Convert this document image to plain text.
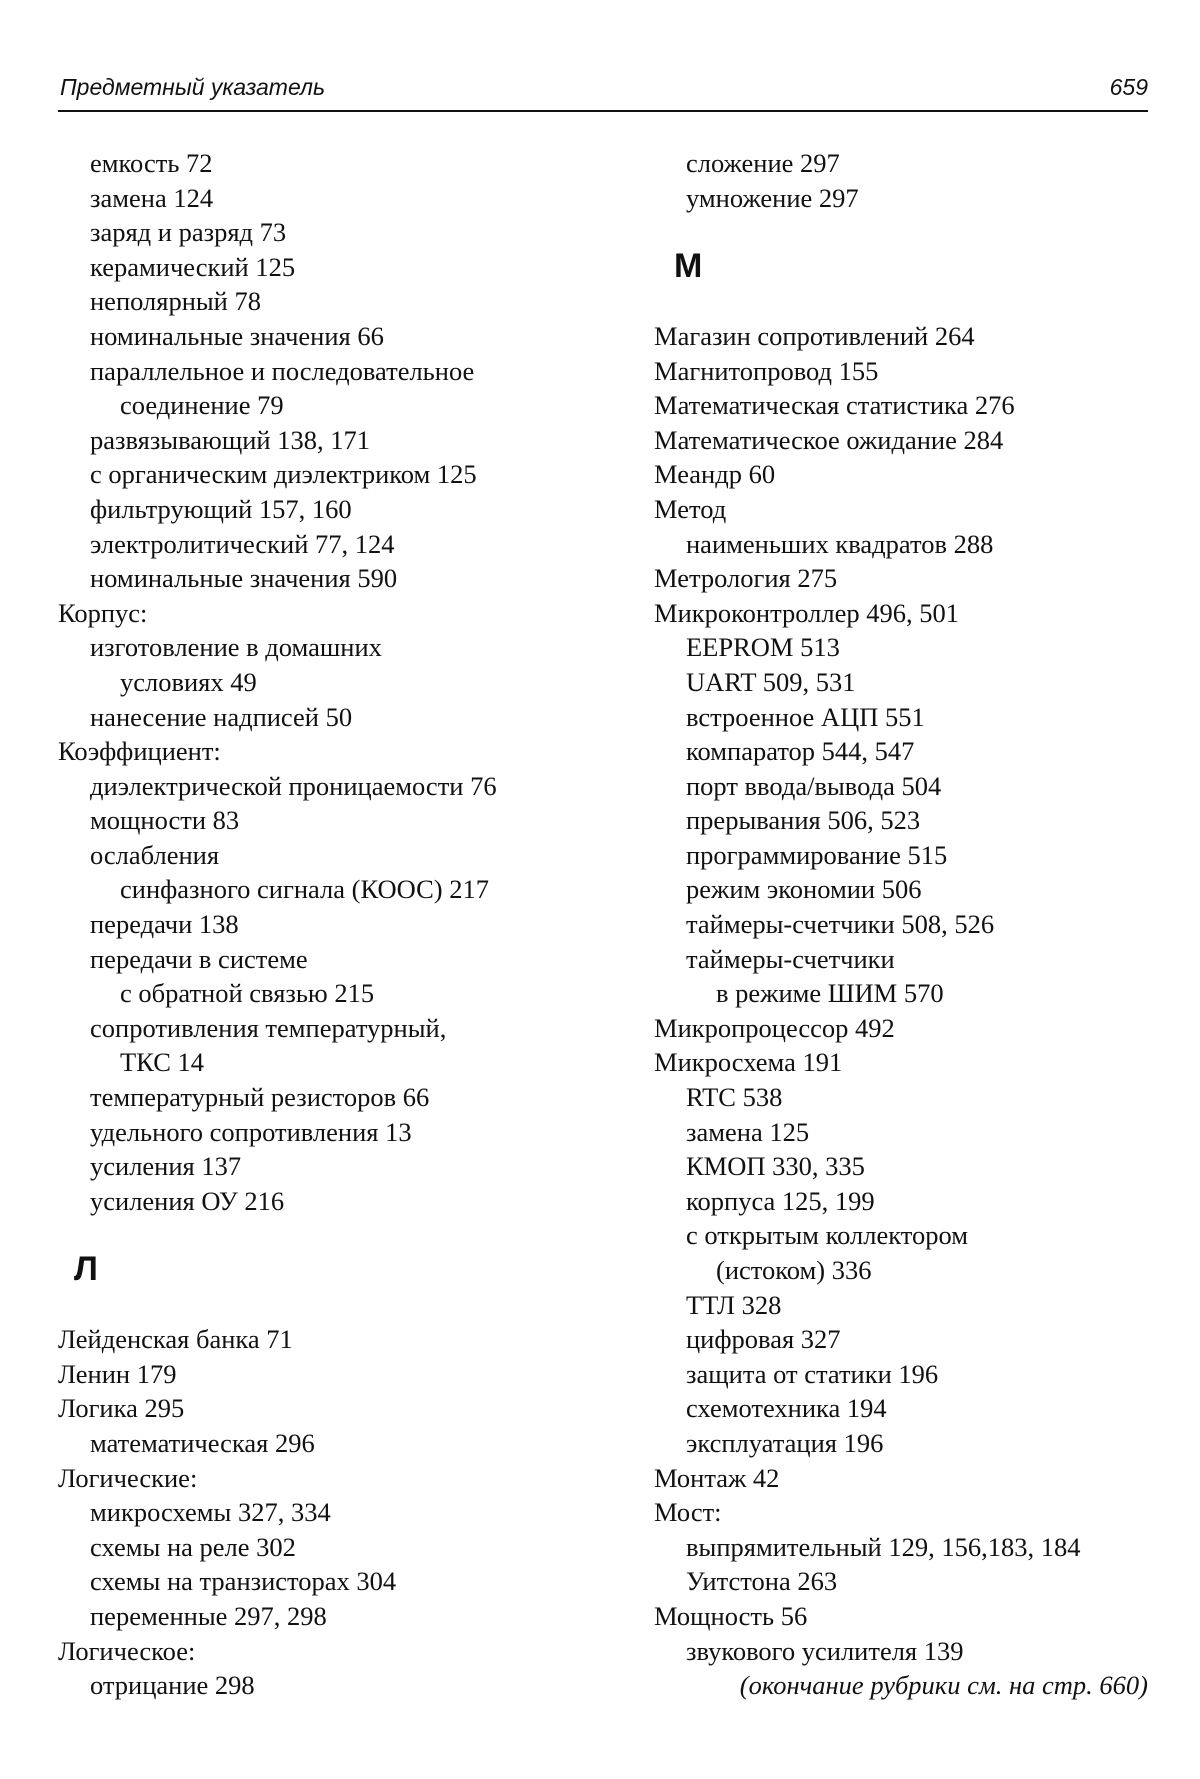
Предметный указатель	659
емкость 72
замена 124
заряд и разряд 73
керамический 125
неполярный 78
номинальные значения 66
параллельное и последовательное
соединение 79
развязывающий 138, 171
с органическим диэлектриком 125
фильтрующий 157, 160
электролитический 77, 124
номинальные значения 590
Корпус:
изготовление в домашних
условиях 49
нанесение надписей 50
Коэффициент:
диэлектрической проницаемости 76
мощности 83
ослабления
синфазного сигнала (КООС) 217
передачи 138
передачи в системе
с обратной связью 215
сопротивления температурный,
ТКС 14
температурный резисторов 66
удельного сопротивления 13
усиления 137
усиления ОУ 216
Л
Лейденская банка 71
Ленин 179
Логика 295
математическая 296
Логические:
микросхемы 327, 334
схемы на реле 302
схемы на транзисторах 304
переменные 297, 298
Логическое:
отрицание 298
сложение 297
умножение 297
М
Магазин сопротивлений 264
Магнитопровод 155
Математическая статистика 276
Математическое ожидание 284
Меандр 60
Метод
наименьших квадратов 288
Метрология 275
Микроконтроллер 496, 501
EEPROM 513
UART 509, 531
встроенное АЦП 551
компаратор 544, 547
порт ввода/вывода 504
прерывания 506, 523
программирование 515
режим экономии 506
таймеры-счетчики 508, 526
таймеры-счетчики
в режиме ШИМ 570
Микропроцессор 492
Микросхема 191
RTC 538
замена 125
КМОП 330, 335
корпуса 125, 199
с открытым коллектором
(истоком) 336
ТТЛ 328
цифровая 327
защита от статики 196
схемотехника 194
эксплуатация 196
Монтаж 42
Мост:
выпрямительный 129, 156,183, 184
Уитстона 263
Мощность 56
звукового усилителя 139
(окончание рубрики см. на стр. 660)
